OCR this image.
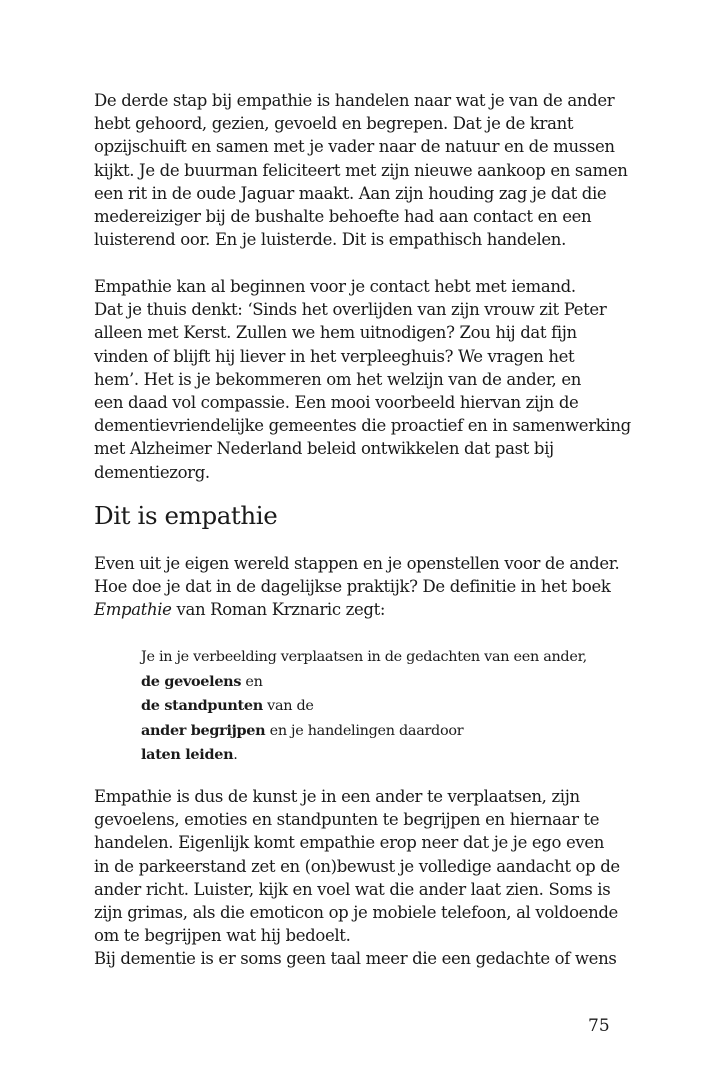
De derde stap bij empathie is handelen naar wat je van de ander
hebt gehoord, gezien, gevoeld en begrepen. Dat je de krant
opzijschuift en samen met je vader naar de natuur en de mussen
kijkt. Je de buurman feliciteert met zijn nieuwe aankoop en samen
een rit in de oude Jaguar maakt. Aan zijn houding zag je dat die
medereiziger bij de bushalte behoefte had aan contact en een
luisterend oor. En je luisterde. Dit is empathisch handelen.
Empathie kan al beginnen voor je contact hebt met iemand.
Dat je thuis denkt: ‘Sinds het overlijden van zijn vrouw zit Peter
alleen met Kerst. Zullen we hem uitnodigen? Zou hij dat fijn
vinden of blijft hij liever in het verpleeghuis? We vragen het
hem’. Het is je bekommeren om het welzijn van de ander, en
een daad vol compassie. Een mooi voorbeeld hiervan zijn de
dementievriendelijke gemeentes die proactief en in samenwerking
met Alzheimer Nederland beleid ontwikkelen dat past bij
dementiezorg.
Dit is empathie
Even uit je eigen wereld stappen en je openstellen voor de ander.
Hoe doe je dat in de dagelijkse praktijk? De definitie in het boek
Empathie van Roman Krznaric zegt:
Je in je verbeelding verplaatsen in de gedachten van een ander,
de gevoelens en
de standpunten van de
ander begrijpen en je handelingen daardoor
laten leiden.
Empathie is dus de kunst je in een ander te verplaatsen, zijn
gevoelens, emoties en standpunten te begrijpen en hiernaar te
handelen. Eigenlijk komt empathie erop neer dat je je ego even
in de parkeerstand zet en (on)bewust je volledige aandacht op de
ander richt. Luister, kijk en voel wat die ander laat zien. Soms is
zijn grimas, als die emoticon op je mobiele telefoon, al voldoende
om te begrijpen wat hij bedoelt.
Bij dementie is er soms geen taal meer die een gedachte of wens
75
